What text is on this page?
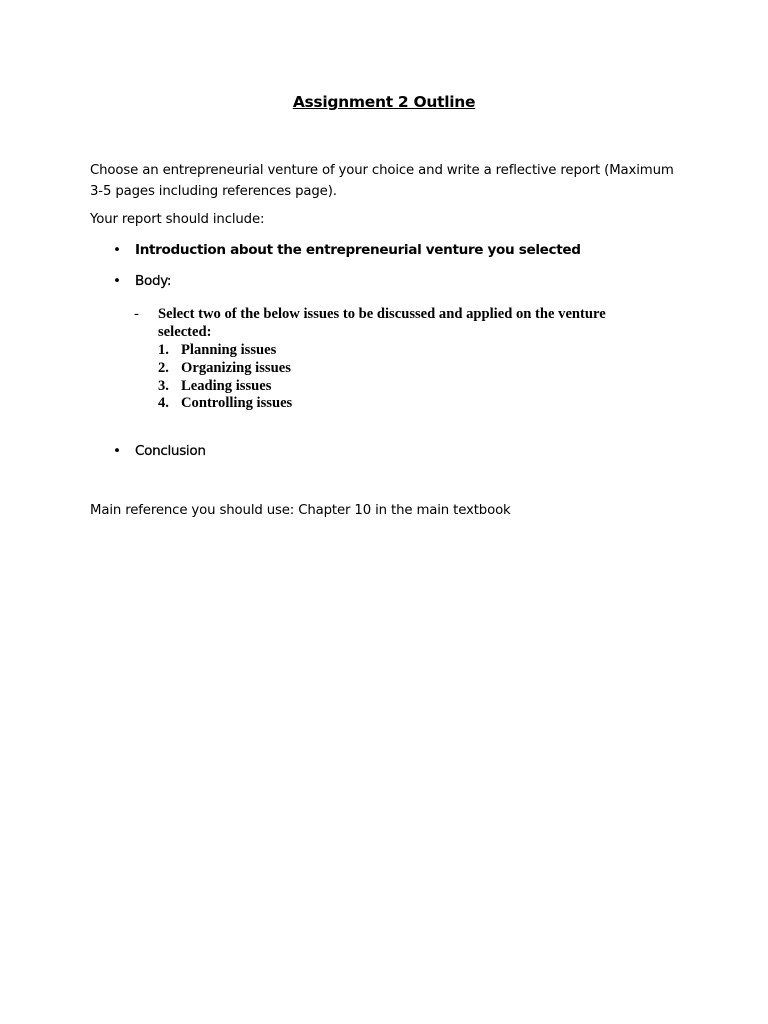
Assignment 2 Outline
Choose an entrepreneurial venture of your choice and write a reflective report (Maximum 3-5 pages including references page).
Your report should include:
• Introduction about the entrepreneurial venture you selected
• Body:
- Select two of the below issues to be discussed and applied on the venture selected:
1. Planning issues
2. Organizing issues
3. Leading issues
4. Controlling issues
• Conclusion
Main reference you should use: Chapter 10 in the main textbook
